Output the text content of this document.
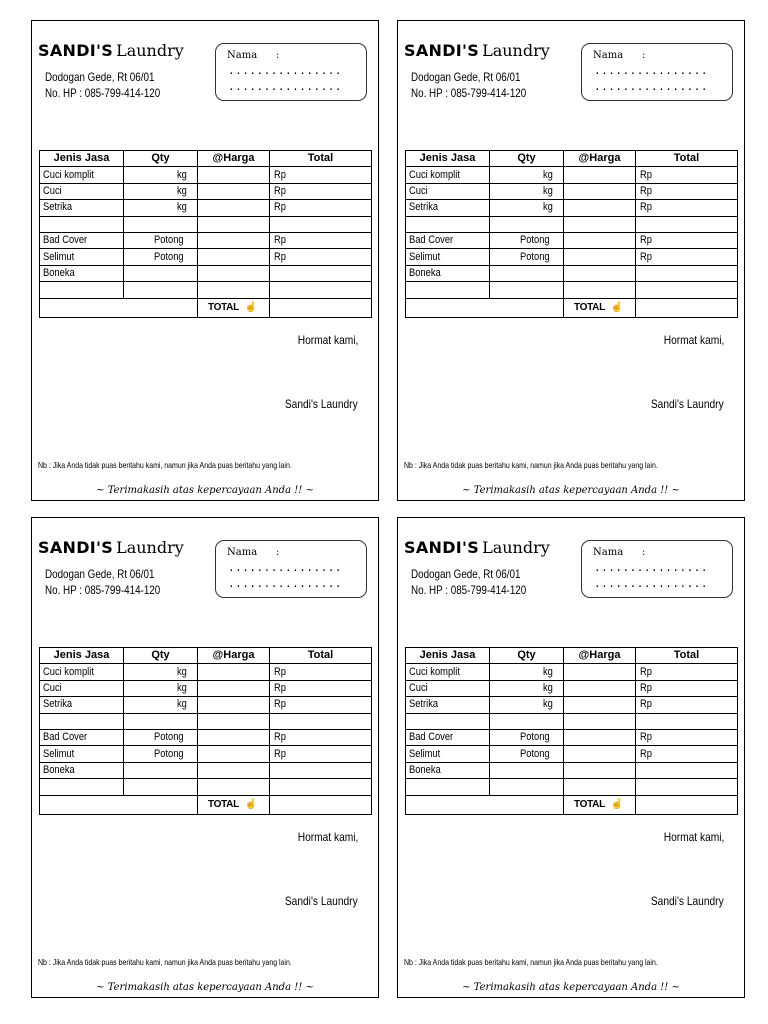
SANDI'S Laundry
Dodogan Gede, Rt 06/01
No. HP : 085-799-414-120
Nama :
................
................
Jenis Jasa	Qty	@Harga	Total
Cuci komplit	kg		Rp
Cuci	kg		Rp
Setrika	kg		Rp

Bad Cover	Potong		Rp
Selimut	Potong		Rp
Boneka			

		TOTAL ☝	
Hormat kami,
Sandi's Laundry
Nb : Jika Anda tidak puas beritahu kami, namun jika Anda puas beritahu yang lain.
~ Terimakasih atas kepercayaan Anda !! ~
SANDI'S Laundry
Dodogan Gede, Rt 06/01
No. HP : 085-799-414-120
Nama :
................
................
Jenis Jasa	Qty	@Harga	Total
Cuci komplit	kg		Rp
Cuci	kg		Rp
Setrika	kg		Rp

Bad Cover	Potong		Rp
Selimut	Potong		Rp
Boneka			

		TOTAL ☝	
Hormat kami,
Sandi's Laundry
Nb : Jika Anda tidak puas beritahu kami, namun jika Anda puas beritahu yang lain.
~ Terimakasih atas kepercayaan Anda !! ~
SANDI'S Laundry
Dodogan Gede, Rt 06/01
No. HP : 085-799-414-120
Nama :
................
................
Jenis Jasa	Qty	@Harga	Total
Cuci komplit	kg		Rp
Cuci	kg		Rp
Setrika	kg		Rp

Bad Cover	Potong		Rp
Selimut	Potong		Rp
Boneka			

		TOTAL ☝	
Hormat kami,
Sandi's Laundry
Nb : Jika Anda tidak puas beritahu kami, namun jika Anda puas beritahu yang lain.
~ Terimakasih atas kepercayaan Anda !! ~
SANDI'S Laundry
Dodogan Gede, Rt 06/01
No. HP : 085-799-414-120
Nama :
................
................
Jenis Jasa	Qty	@Harga	Total
Cuci komplit	kg		Rp
Cuci	kg		Rp
Setrika	kg		Rp

Bad Cover	Potong		Rp
Selimut	Potong		Rp
Boneka			

		TOTAL ☝	
Hormat kami,
Sandi's Laundry
Nb : Jika Anda tidak puas beritahu kami, namun jika Anda puas beritahu yang lain.
~ Terimakasih atas kepercayaan Anda !! ~
